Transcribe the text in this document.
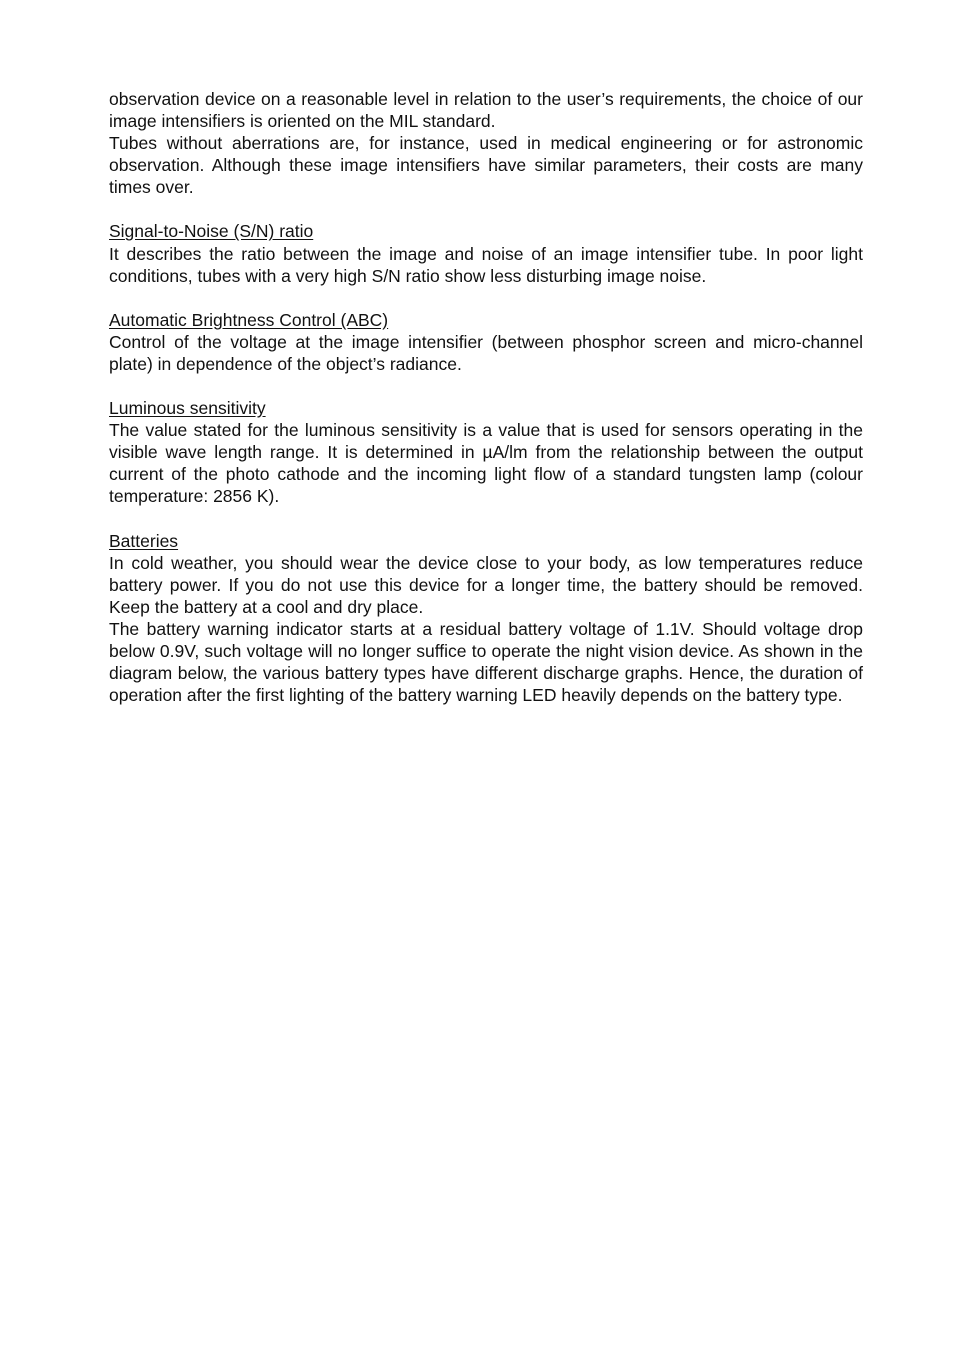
observation device on a reasonable level in relation to the user’s requirements, the choice of our image intensifiers is oriented on the MIL standard.

Tubes without aberrations are, for instance, used in medical engineering or for astronomic observation. Although these image intensifiers have similar parameters, their costs are many times over.

Signal-to-Noise (S/N) ratio

It describes the ratio between the image and noise of an image intensifier tube. In poor light conditions, tubes with a very high S/N ratio show less disturbing image noise.

Automatic Brightness Control (ABC)

Control of the voltage at the image intensifier (between phosphor screen and micro-channel plate) in dependence of the object’s radiance.

Luminous sensitivity

The value stated for the luminous sensitivity is a value that is used for sensors operating in the visible wave length range. It is determined in µA/lm from the relationship between the output current of the photo cathode and the incoming light flow of a standard tungsten lamp (colour temperature: 2856 K).

Batteries

In cold weather, you should wear the device close to your body, as low temperatures reduce battery power. If you do not use this device for a longer time, the battery should be removed. Keep the battery at a cool and dry place.

The battery warning indicator starts at a residual battery voltage of 1.1V. Should voltage drop below 0.9V, such voltage will no longer suffice to operate the night vision device. As shown in the diagram below, the various battery types have different discharge graphs. Hence, the duration of operation after the first lighting of the battery warning LED heavily depends on the battery type.
